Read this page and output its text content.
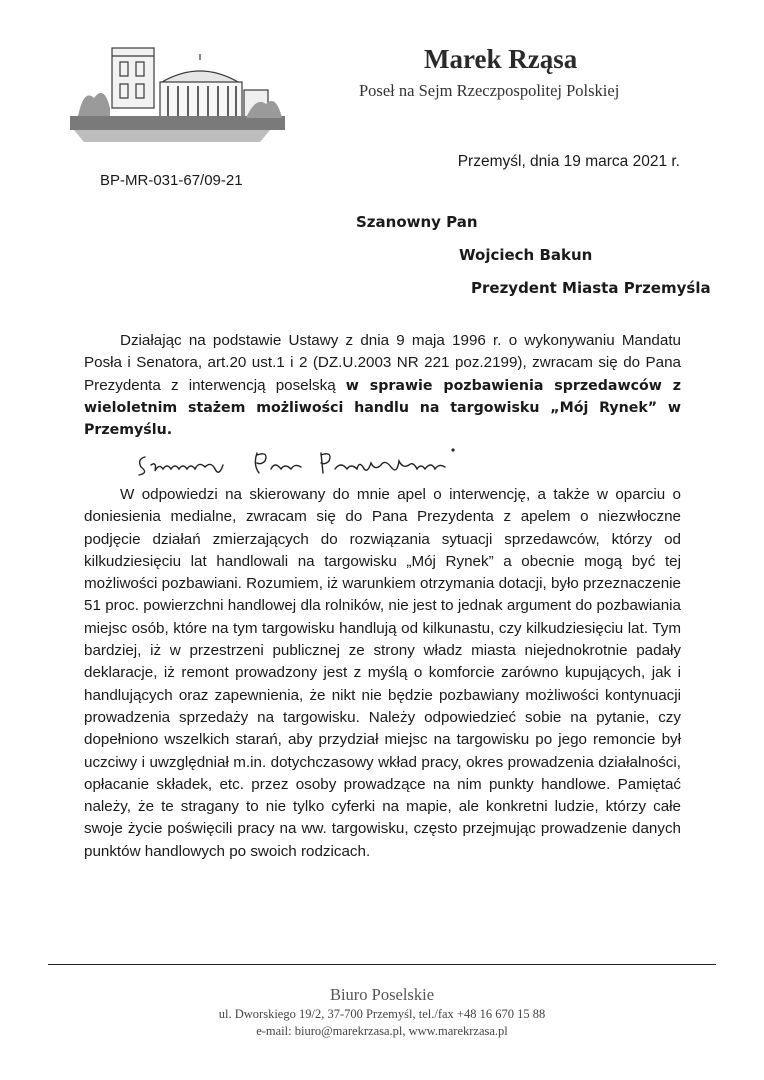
Marek Rząsa
Poseł na Sejm Rzeczpospolitej Polskiej
Przemyśl, dnia 19 marca 2021 r.
BP-MR-031-67/09-21
Szanowny Pan
Wojciech Bakun
Prezydent Miasta Przemyśla

Działając na podstawie Ustawy z dnia 9 maja 1996 r. o wykonywaniu Mandatu Posła i Senatora, art.20 ust.1 i 2 (DZ.U.2003 NR 221 poz.2199), zwracam się do Pana Prezydenta z interwencją poselską w sprawie pozbawienia sprzedawców z wieloletnim stażem możliwości handlu na targowisku „Mój Rynek” w Przemyślu.

W odpowiedzi na skierowany do mnie apel o interwencję, a także w oparciu o doniesienia medialne, zwracam się do Pana Prezydenta z apelem o niezwłoczne podjęcie działań zmierzających do rozwiązania sytuacji sprzedawców, którzy od kilkudziesięciu lat handlowali na targowisku „Mój Rynek” a obecnie mogą być tej możliwości pozbawiani. Rozumiem, iż warunkiem otrzymania dotacji, było przeznaczenie 51 proc. powierzchni handlowej dla rolników, nie jest to jednak argument do pozbawiania miejsc osób, które na tym targowisku handlują od kilkunastu, czy kilkudziesięciu lat. Tym bardziej, iż w przestrzeni publicznej ze strony władz miasta niejednokrotnie padały deklaracje, iż remont prowadzony jest z myślą o komforcie zarówno kupujących, jak i handlujących oraz zapewnienia, że nikt nie będzie pozbawiany możliwości kontynuacji prowadzenia sprzedaży na targowisku. Należy odpowiedzieć sobie na pytanie, czy dopełniono wszelkich starań, aby przydział miejsc na targowisku po jego remoncie był uczciwy i uwzględniał m.in. dotychczasowy wkład pracy, okres prowadzenia działalności, opłacanie składek, etc. przez osoby prowadzące na nim punkty handlowe. Pamiętać należy, że te stragany to nie tylko cyferki na mapie, ale konkretni ludzie, którzy całe swoje życie poświęcili pracy na ww. targowisku, często przejmując prowadzenie danych punktów handlowych po swoich rodzicach.

Biuro Poselskie
ul. Dworskiego 19/2, 37-700 Przemyśl, tel./fax +48 16 670 15 88
e-mail: biuro@marekrzasa.pl, www.marekrzasa.pl
